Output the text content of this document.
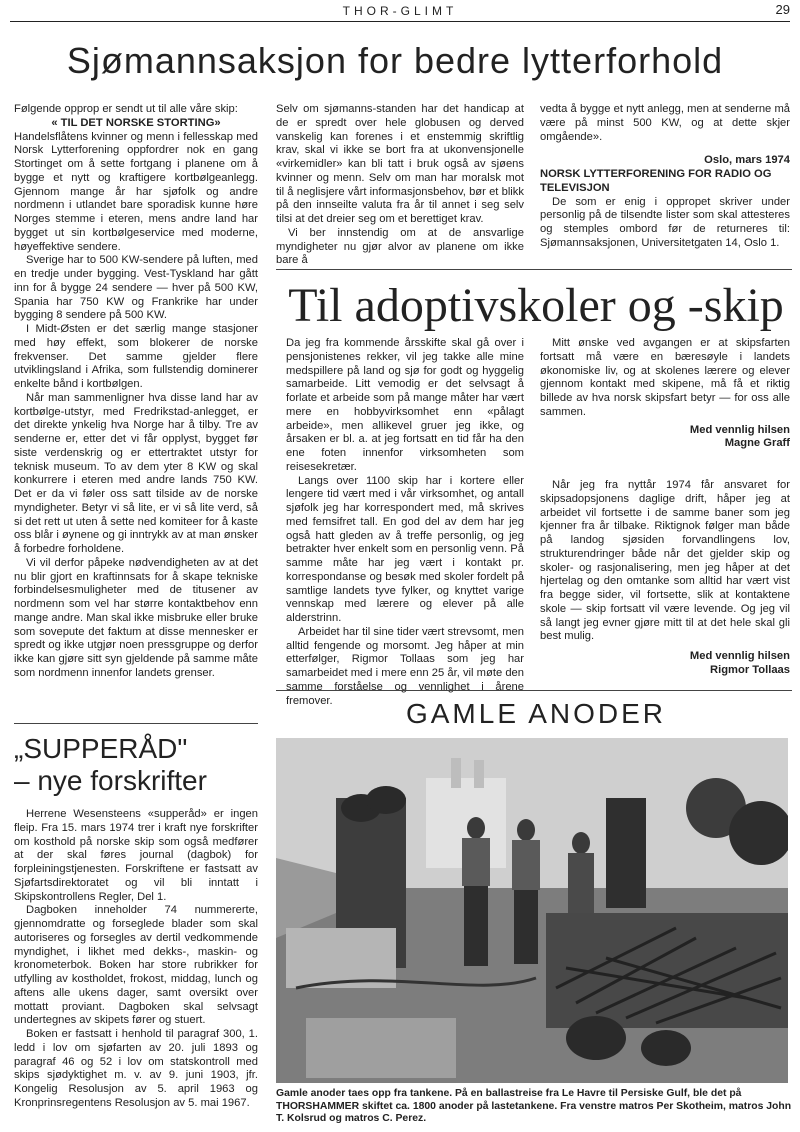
THOR-GLIMT	29
Sjømannsaksjon for bedre lytterforhold

Følgende opprop er sendt ut til alle våre skip:

« TIL DET NORSKE STORTING»

Handelsflåtens kvinner og menn i fellesskap med Norsk Lytterforening oppfordrer nok en gang Stortinget om å sette fortgang i planene om å bygge et nytt og kraftigere kortbølgeanlegg. Gjennom mange år har sjøfolk og andre nordmenn i utlandet bare sporadisk kunne høre Norges stemme i eteren, mens andre land har bygget ut sin kortbølgeservice med moderne, høyeffektive sendere.

Sverige har to 500 KW-sendere på luften, med en tredje under bygging. Vest-Tyskland har gått inn for å bygge 24 sendere — hver på 500 KW, Spania har 750 KW og Frankrike har under bygging 8 sendere på 500 KW.

I Midt-Østen er det særlig mange stasjoner med høy effekt, som blokerer de norske frekvenser. Det samme gjelder flere utviklingsland i Afrika, som fullstendig dominerer enkelte bånd i kortbølgen.

Når man sammenligner hva disse land har av kortbølge-utstyr, med Fredrikstad-anlegget, er det direkte ynkelig hva Norge har å tilby. Tre av senderne er, etter det vi får opplyst, bygget før siste verdenskrig og er ettertraktet utstyr for teknisk museum. To av dem yter 8 KW og skal konkurrere i eteren med andre lands 750 KW. Det er da vi føler oss satt tilside av de norske myndigheter. Betyr vi så lite, er vi så lite verd, så si det rett ut uten å sette ned komiteer for å kaste oss blår i øynene og gi inntrykk av at man ønsker å forbedre forholdene.

Vi vil derfor påpeke nødvendigheten av at det nu blir gjort en kraftinnsats for å skape tekniske forbindelsesmuligheter med de titusener av nordmenn som vel har større kontaktbehov enn mange andre. Man skal ikke misbruke eller bruke som sovepute det faktum at disse mennesker er spredt og ikke utgjør noen pressgruppe og derfor ikke kan gjøre sitt syn gjeldende på samme måte som nordmenn innenfor landets grenser.

Selv om sjømanns-standen har det handicap at de er spredt over hele globusen og derved vanskelig kan forenes i et enstemmig skriftlig krav, skal vi ikke se bort fra at ukonvensjonelle «virkemidler» kan bli tatt i bruk også av sjøens kvinner og menn. Selv om man har moralsk mot til å neglisjere vårt informasjonsbehov, bør et blikk på den innseilte valuta fra år til annet i seg selv tilsi at det dreier seg om et berettiget krav.

Vi ber innstendig om at de ansvarlige myndigheter nu gjør alvor av planene om ikke bare å

vedta å bygge et nytt anlegg, men at senderne må være på minst 500 KW, og at dette skjer omgående».

Oslo, mars 1974

NORSK LYTTERFORENING FOR RADIO OG TELEVISJON

De som er enig i oppropet skriver under personlig på de tilsendte lister som skal attesteres og stemples ombord før de returneres til: Sjømannsaksjonen, Universitetgaten 14, Oslo 1.

Til adoptivskoler og -skip

Da jeg fra kommende årsskifte skal gå over i pensjonistenes rekker, vil jeg takke alle mine medspillere på land og sjø for godt og hyggelig samarbeide. Litt vemodig er det selvsagt å forlate et arbeide som på mange måter har vært mere en hobbyvirksomhet enn «pålagt arbeide», men allikevel gruer jeg ikke, og årsaken er bl. a. at jeg fortsatt en tid får ha den ene foten innenfor virksomheten som reisesekretær.

Langs over 1100 skip har i kortere eller lengere tid vært med i vår virksomhet, og antall sjøfolk jeg har korrespondert med, må skrives med femsifret tall. En god del av dem har jeg også hatt gleden av å treffe personlig, og jeg betrakter hver enkelt som en personlig venn. På samme måte har jeg vært i kontakt pr. korrespondanse og besøk med skoler fordelt på samtlige landets tyve fylker, og knyttet varige vennskap med lærere og elever på alle alderstrinn.

Arbeidet har til sine tider vært strevsomt, men alltid fengende og morsomt. Jeg håper at min etterfølger, Rigmor Tollaas som jeg har samarbeidet med i mere enn 25 år, vil møte den samme forståelse og vennlighet i årene fremover.

Mitt ønske ved avgangen er at skipsfarten fortsatt må være en bæresøyle i landets økonomiske liv, og at skolenes lærere og elever gjennom kontakt med skipene, må få et riktig billede av hva norsk skipsfart betyr — for oss alle sammen.

Med vennlig hilsen

Magne Graff

Når jeg fra nyttår 1974 får ansvaret for skipsadopsjonens daglige drift, håper jeg at arbeidet vil fortsette i de samme baner som jeg kjenner fra år tilbake. Riktignok følger man både på landog sjøsiden forvandlingens lov, strukturendringer både når det gjelder skip og skoler- og rasjonalisering, men jeg håper at det hjertelag og den omtanke som alltid har vært vist fra begge sider, vil fortsette, slik at kontaktene skole — skip fortsatt vil være levende. Og jeg vil så langt jeg evner gjøre mitt til at det hele skal gli best mulig.

Med vennlig hilsen

Rigmor Tollaas

„SUPPERÅD"
– nye forskrifter

Herrene Wesensteens «supperåd» er ingen fleip. Fra 15. mars 1974 trer i kraft nye forskrifter om kosthold på norske skip som også medfører at der skal føres journal (dagbok) for forpleiningstjenesten. Forskriftene er fastsatt av Sjøfartsdirektoratet og vil bli inntatt i Skipskontrollens Regler, Del 1.

Dagboken inneholder 74 nummererte, gjennomdratte og forseglede blader som skal autoriseres og forsegles av dertil vedkommende myndighet, i likhet med dekks-, maskin- og kronometerbok. Boken har store rubrikker for utfylling av kostholdet, frokost, middag, lunch og aftens alle ukens dager, samt oversikt over mottatt proviant. Dagboken skal selvsagt undertegnes av skipets fører og stuert.

Boken er fastsatt i henhold til paragraf 300, 1. ledd i lov om sjøfarten av 20. juli 1893 og paragraf 46 og 52 i lov om statskontroll med skips sjødyktighet m. v. av 9. juni 1903, jfr. Kongelig Resolusjon av 5. april 1963 og Kronprinsregentens Resolusjon av 5. mai 1967.

GAMLE ANODER
Gamle anoder taes opp fra tankene. På en ballastreise fra Le Havre til Persiske Gulf, ble det på THORSHAMMER skiftet ca. 1800 anoder på lastetankene. Fra venstre matros Per Skotheim, matros John T. Kolsrud og matros C. Perez.
